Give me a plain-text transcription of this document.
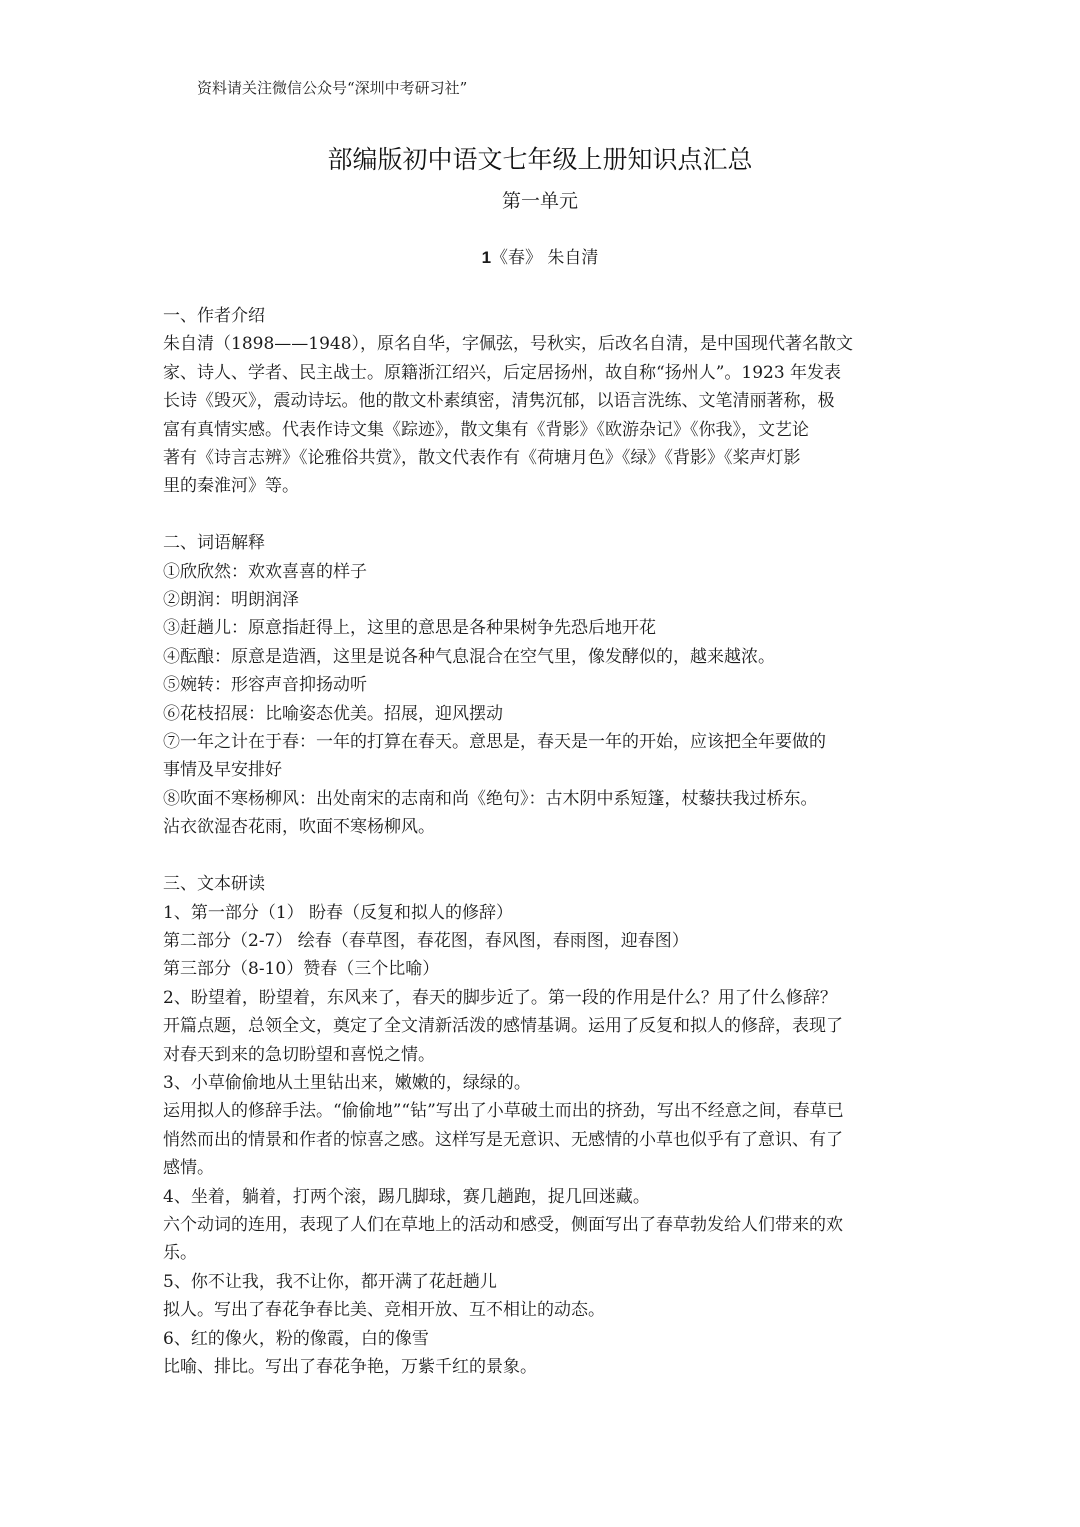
资料请关注微信公众号“深圳中考研习社”
部编版初中语文七年级上册知识点汇总
第一单元
1《春》 朱自清

一、作者介绍

朱自清（1898——1948），原名自华，字佩弦，号秋实，后改名自清，是中国现代著名散文

家、诗人、学者、民主战士。原籍浙江绍兴，后定居扬州，故自称“扬州人”。1923 年发表

长诗《毁灭》，震动诗坛。他的散文朴素缜密，清隽沉郁，以语言洗练、文笔清丽著称，极

富有真情实感。代表作诗文集《踪迹》，散文集有《背影》《欧游杂记》《你我》，文艺论

著有《诗言志辨》《论雅俗共赏》，散文代表作有《荷塘月色》《绿》《背影》《桨声灯影

里的秦淮河》等。

二、词语解释

①欣欣然：欢欢喜喜的样子

②朗润：明朗润泽

③赶趟儿：原意指赶得上，这里的意思是各种果树争先恐后地开花

④酝酿：原意是造酒，这里是说各种气息混合在空气里，像发酵似的，越来越浓。

⑤婉转：形容声音抑扬动听

⑥花枝招展：比喻姿态优美。招展，迎风摆动

⑦一年之计在于春：一年的打算在春天。意思是，春天是一年的开始，应该把全年要做的

事情及早安排好

⑧吹面不寒杨柳风：出处南宋的志南和尚《绝句》：古木阴中系短篷，杖藜扶我过桥东。

沾衣欲湿杏花雨，吹面不寒杨柳风。

三、文本研读

1、第一部分（1） 盼春（反复和拟人的修辞）

第二部分（2-7） 绘春（春草图，春花图，春风图，春雨图，迎春图）

第三部分（8-10）赞春（三个比喻）

2、盼望着，盼望着，东风来了，春天的脚步近了。第一段的作用是什么？用了什么修辞？

开篇点题，总领全文，奠定了全文清新活泼的感情基调。运用了反复和拟人的修辞，表现了

对春天到来的急切盼望和喜悦之情。

3、小草偷偷地从土里钻出来，嫩嫩的，绿绿的。

运用拟人的修辞手法。“偷偷地”“钻”写出了小草破土而出的挤劲，写出不经意之间，春草已

悄然而出的情景和作者的惊喜之感。这样写是无意识、无感情的小草也似乎有了意识、有了

感情。

4、坐着，躺着，打两个滚，踢几脚球，赛几趟跑，捉几回迷藏。

六个动词的连用，表现了人们在草地上的活动和感受，侧面写出了春草勃发给人们带来的欢

乐。

5、你不让我，我不让你，都开满了花赶趟儿

拟人。写出了春花争春比美、竞相开放、互不相让的动态。

6、红的像火，粉的像霞，白的像雪

比喻、排比。写出了春花争艳，万紫千红的景象。
